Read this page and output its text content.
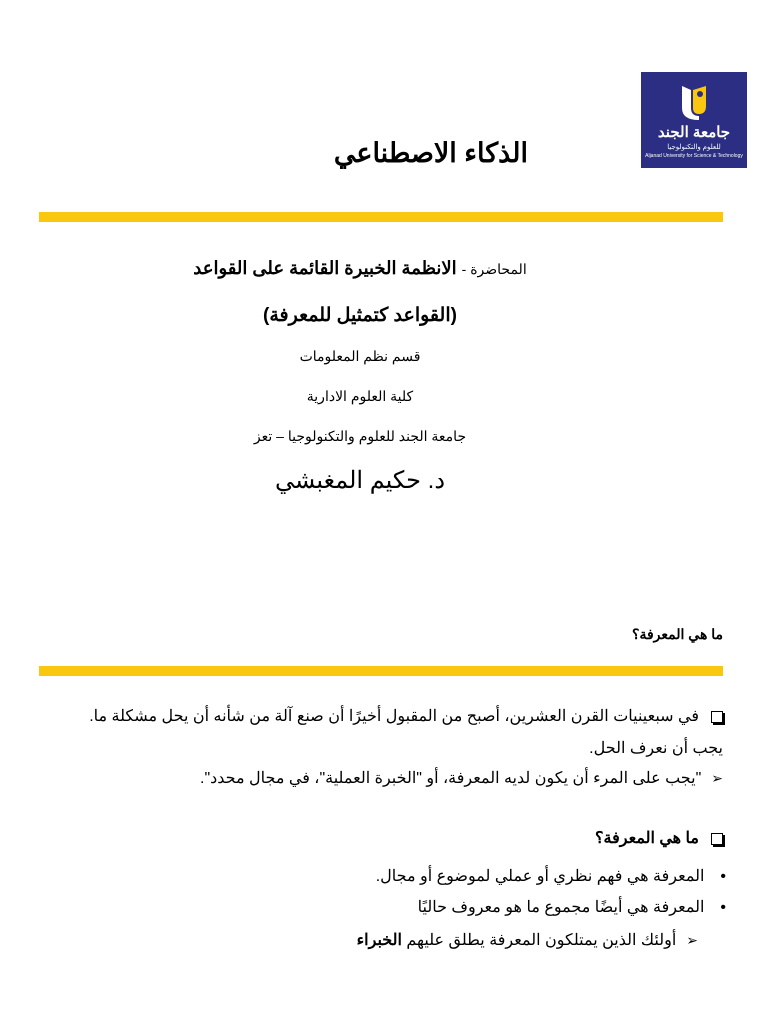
جامعة الجند
للعلوم والتكنولوجيا
Aljanad University for Science & Technology
الذكاء الاصطناعي
المحاضرة - الانظمة الخبيرة القائمة على القواعد
(القواعد كتمثيل للمعرفة)
قسم نظم المعلومات
كلية العلوم الادارية
جامعة الجند للعلوم والتكنولوجيا – تعز
د. حكيم المغبشي
ما هي المعرفة؟
في سبعينيات القرن العشرين، أصبح من المقبول أخيرًا أن صنع آلة من شأنه أن يحل مشكلة ما.
يجب أن نعرف الحل.
➢"يجب على المرء أن يكون لديه المعرفة، أو "الخبرة العملية"، في مجال محدد".
ما هي المعرفة؟
•المعرفة هي فهم نظري أو عملي لموضوع أو مجال.
•المعرفة هي أيضًا مجموع ما هو معروف حاليًا
➢أولئك الذين يمتلكون المعرفة يطلق عليهم الخبراء
